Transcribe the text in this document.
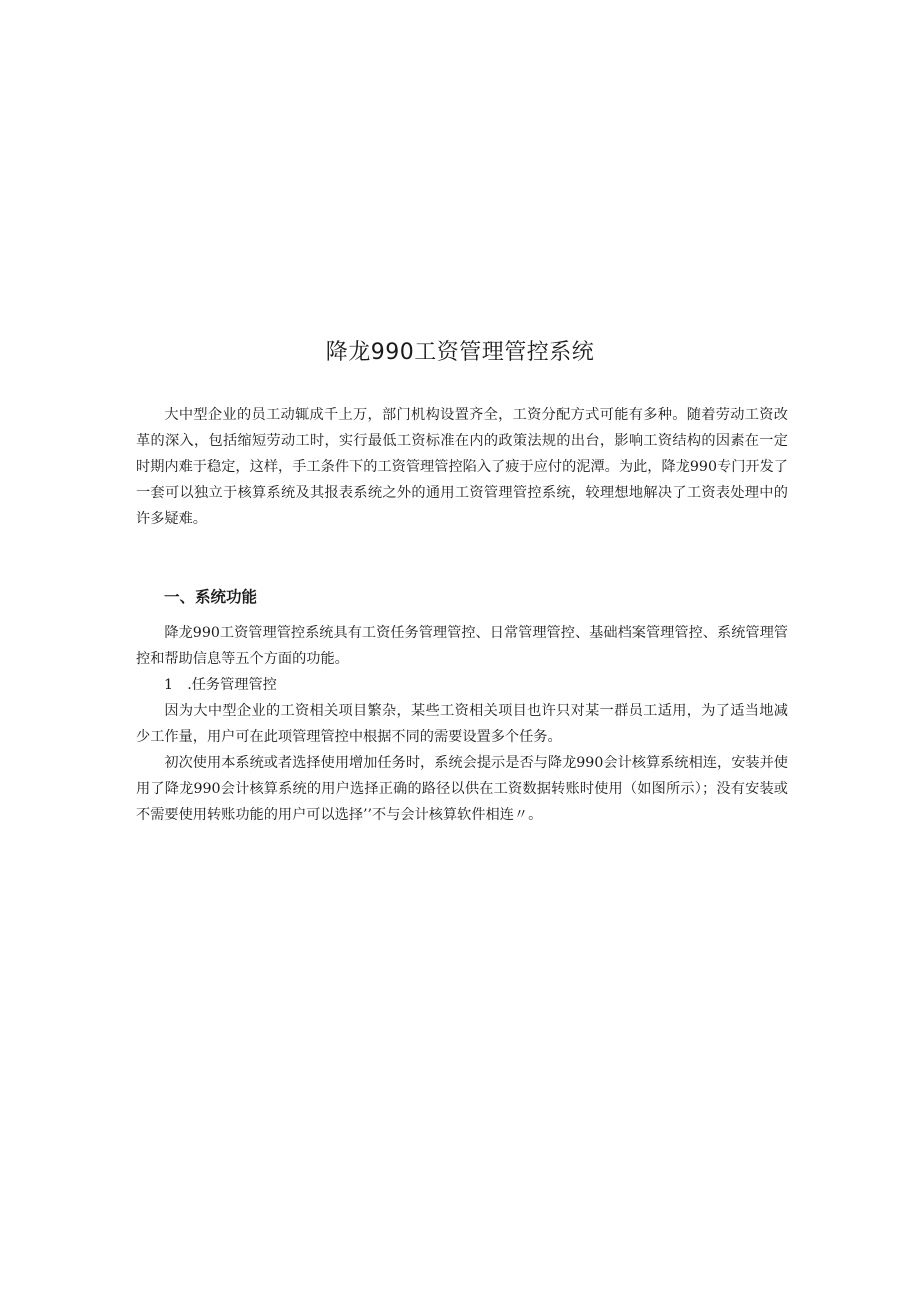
降龙990工资管理管控系统

大中型企业的员工动辄成千上万，部门机构设置齐全，工资分配方式可能有多种。随着劳动工资改革的深入，包括缩短劳动工时，实行最低工资标准在内的政策法规的出台，影响工资结构的因素在一定时期内难于稳定，这样，手工条件下的工资管理管控陷入了疲于应付的泥潭。为此，降龙990专门开发了一套可以独立于核算系统及其报表系统之外的通用工资管理管控系统，较理想地解决了工资表处理中的许多疑难。

一、系统功能

降龙990工资管理管控系统具有工资任务管理管控、日常管理管控、基础档案管理管控、系统管理管控和帮助信息等五个方面的功能。

1　.任务管理管控

因为大中型企业的工资相关项目繁杂，某些工资相关项目也许只对某一群员工适用，为了适当地减少工作量，用户可在此项管理管控中根据不同的需要设置多个任务。

初次使用本系统或者选择使用增加任务时，系统会提示是否与降龙990会计核算系统相连，安装并使用了降龙990会计核算系统的用户选择正确的路径以供在工资数据转账时使用（如图所示）；没有安装或不需要使用转账功能的用户可以选择’’不与会计核算软件相连〃。
